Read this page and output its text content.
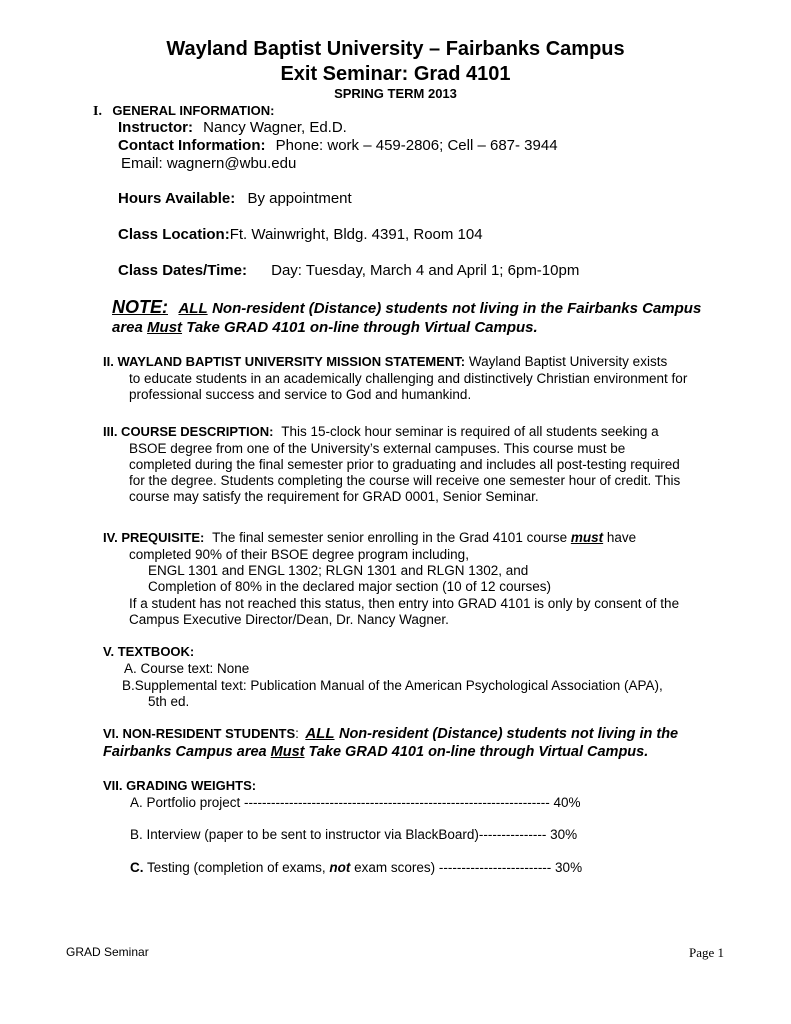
Wayland Baptist University – Fairbanks Campus
Exit Seminar: Grad 4101
SPRING TERM 2013
I. GENERAL INFORMATION:
Instructor: Nancy Wagner, Ed.D.
Contact Information: Phone: work – 459-2806; Cell – 687- 3944
Email: wagnern@wbu.edu
Hours Available: By appointment
Class Location:Ft. Wainwright, Bldg. 4391, Room 104
Class Dates/Time: Day: Tuesday, March 4 and April 1; 6pm-10pm
NOTE: ALL Non-resident (Distance) students not living in the Fairbanks Campus
area Must Take GRAD 4101 on-line through Virtual Campus.
II. WAYLAND BAPTIST UNIVERSITY MISSION STATEMENT: Wayland Baptist University exists
to educate students in an academically challenging and distinctively Christian environment for
professional success and service to God and humankind.
III. COURSE DESCRIPTION: This 15-clock hour seminar is required of all students seeking a
BSOE degree from one of the University’s external campuses. This course must be
completed during the final semester prior to graduating and includes all post-testing required
for the degree. Students completing the course will receive one semester hour of credit. This
course may satisfy the requirement for GRAD 0001, Senior Seminar.
IV. PREQUISITE: The final semester senior enrolling in the Grad 4101 course must have
completed 90% of their BSOE degree program including,
ENGL 1301 and ENGL 1302; RLGN 1301 and RLGN 1302, and
Completion of 80% in the declared major section (10 of 12 courses)
If a student has not reached this status, then entry into GRAD 4101 is only by consent of the
Campus Executive Director/Dean, Dr. Nancy Wagner.
V. TEXTBOOK:
A. Course text: None
B.Supplemental text: Publication Manual of the American Psychological Association (APA),
5th ed.
VI. NON-RESIDENT STUDENTS: ALL Non-resident (Distance) students not living in the
Fairbanks Campus area Must Take GRAD 4101 on-line through Virtual Campus.
VII. GRADING WEIGHTS:
A. Portfolio project -------------------------------------------------------------------- 40%
B. Interview (paper to be sent to instructor via BlackBoard)--------------- 30%
C. Testing (completion of exams, not exam scores) ------------------------- 30%
GRAD Seminar	Page 1
